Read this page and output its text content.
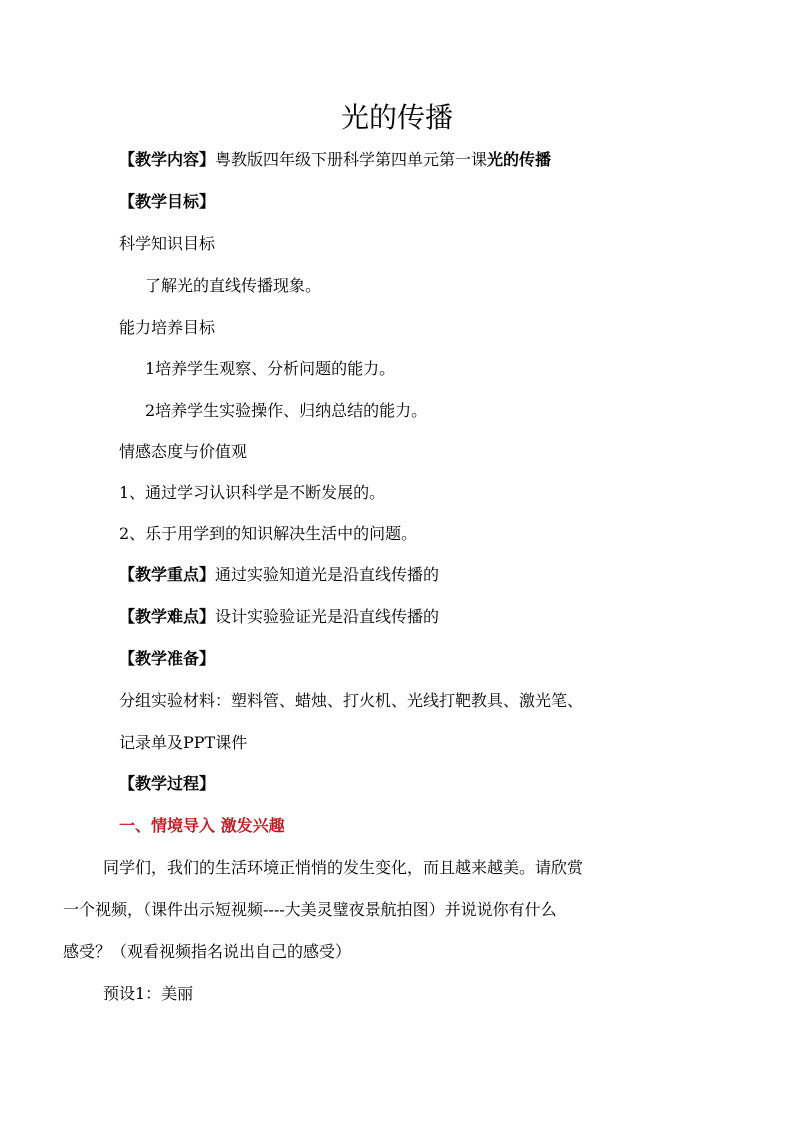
光的传播

【教学内容】粤教版四年级下册科学第四单元第一课光的传播

【教学目标】

科学知识目标

了解光的直线传播现象。

能力培养目标

1培养学生观察、分析问题的能力。

2培养学生实验操作、归纳总结的能力。

情感态度与价值观

1、通过学习认识科学是不断发展的。

2、乐于用学到的知识解决生活中的问题。

【教学重点】通过实验知道光是沿直线传播的

【教学难点】设计实验验证光是沿直线传播的

【教学准备】

分组实验材料：塑料管、蜡烛、打火机、光线打靶教具、激光笔、

记录单及PPT课件

【教学过程】

一、情境导入 激发兴趣

同学们，我们的生活环境正悄悄的发生变化，而且越来越美。请欣赏

一个视频，（课件出示短视频----大美灵璧夜景航拍图）并说说你有什么

感受？（观看视频指名说出自己的感受）

预设1：美丽
